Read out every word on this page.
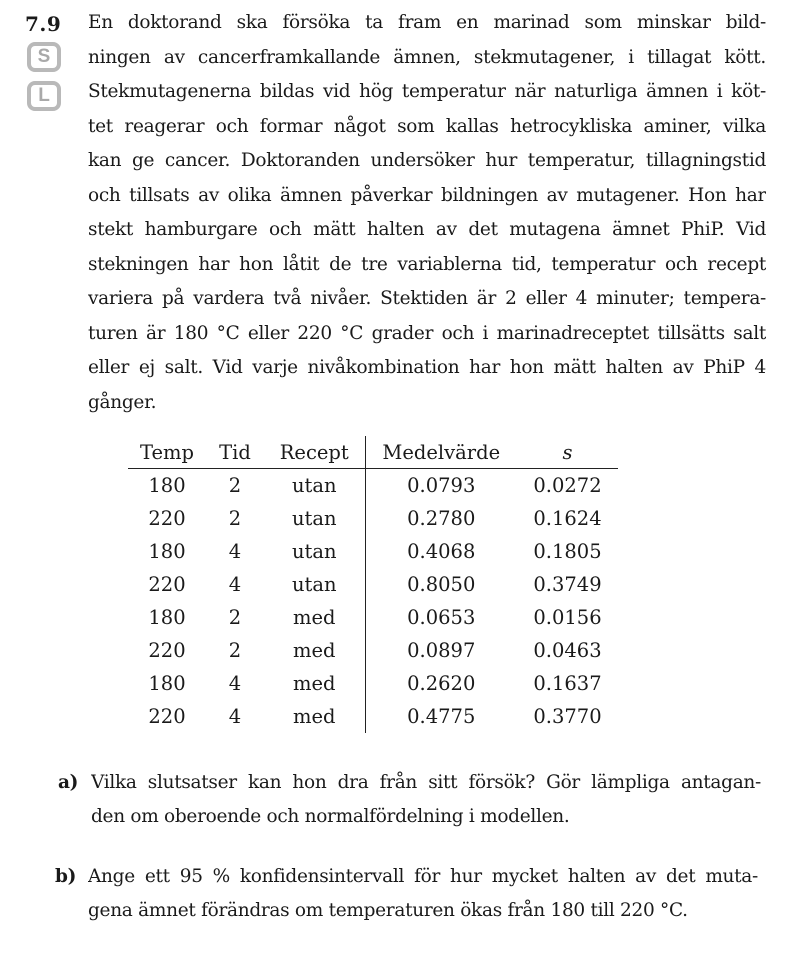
7.9
S
L
En doktorand ska försöka ta fram en marinad som minskar bild-
ningen av cancerframkallande ämnen, stekmutagener, i tillagat kött.
Stekmutagenerna bildas vid hög temperatur när naturliga ämnen i köt-
tet reagerar och formar något som kallas hetrocykliska aminer, vilka
kan ge cancer. Doktoranden undersöker hur temperatur, tillagningstid
och tillsats av olika ämnen påverkar bildningen av mutagener. Hon har
stekt hamburgare och mätt halten av det mutagena ämnet PhiP. Vid
stekningen har hon låtit de tre variablerna tid, temperatur och recept
variera på vardera två nivåer. Stektiden är 2 eller 4 minuter; tempera-
turen är 180 °C eller 220 °C grader och i marinadreceptet tillsätts salt
eller ej salt. Vid varje nivåkombination har hon mätt halten av PhiP 4
gånger.
Temp	Tid	Recept	Medelvärde	s
180	2	utan	0.0793	0.0272
220	2	utan	0.2780	0.1624
180	4	utan	0.4068	0.1805
220	4	utan	0.8050	0.3749
180	2	med	0.0653	0.0156
220	2	med	0.0897	0.0463
180	4	med	0.2620	0.1637
220	4	med	0.4775	0.3770
a) Vilka slutsatser kan hon dra från sitt försök? Gör lämpliga antagan-
den om oberoende och normalfördelning i modellen.
b) Ange ett 95 % konfidensintervall för hur mycket halten av det muta-
gena ämnet förändras om temperaturen ökas från 180 till 220 °C.
